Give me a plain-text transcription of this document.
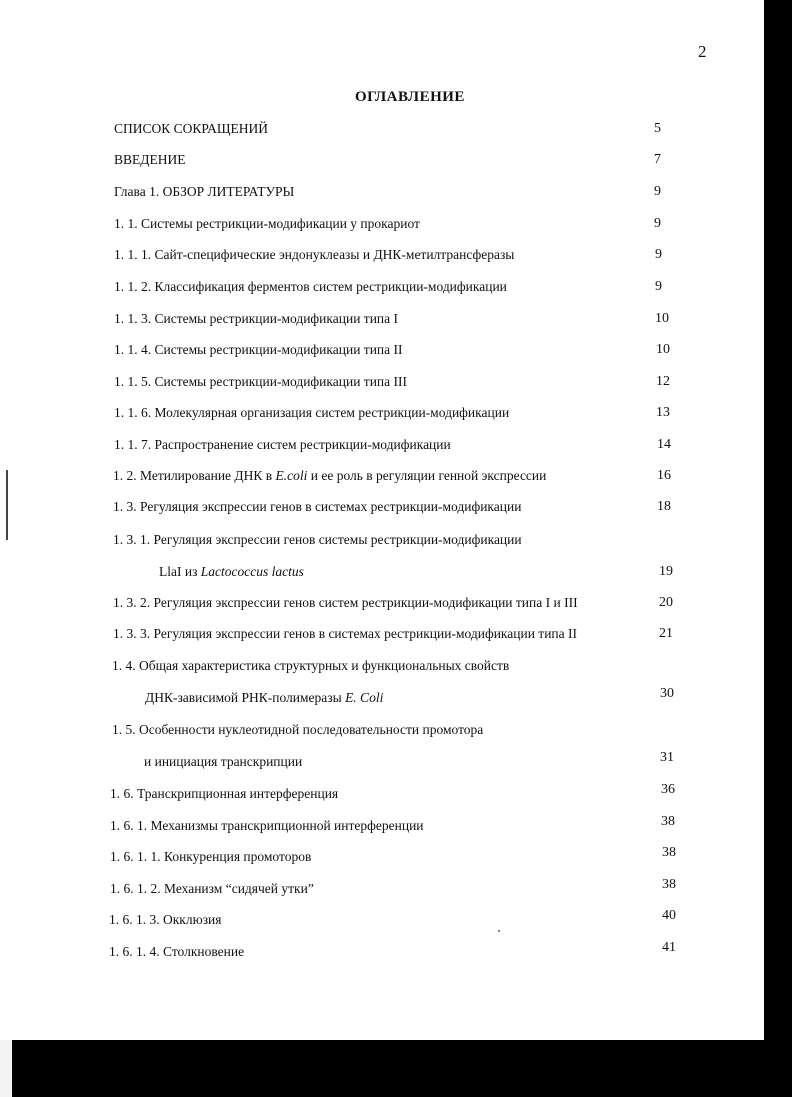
2
ОГЛАВЛЕНИЕ
СПИСОК СОКРАЩЕНИЙ	5
ВВЕДЕНИЕ	7
Глава 1. ОБЗОР ЛИТЕРАТУРЫ	9
1. 1. Системы рестрикции-модификации у прокариот	9
1. 1. 1. Сайт-специфические эндонуклеазы и ДНК-метилтрансферазы	9
1. 1. 2. Классификация ферментов систем рестрикции-модификации	9
1. 1. 3. Системы рестрикции-модификации типа I	10
1. 1. 4. Системы рестрикции-модификации типа II	10
1. 1. 5. Системы рестрикции-модификации типа III	12
1. 1. 6. Молекулярная организация систем рестрикции-модификации	13
1. 1. 7. Распространение систем рестрикции-модификации	14
1. 2. Метилирование ДНК в E.coli и ее роль в регуляции генной экспрессии	16
1. 3. Регуляция экспрессии генов в системах рестрикции-модификации	18
1. 3. 1. Регуляция экспрессии генов системы рестрикции-модификации
LlaI из Lactococcus lactus	19
1. 3. 2. Регуляция экспрессии генов систем рестрикции-модификации типа I и III	20
1. 3. 3. Регуляция экспрессии генов в системах рестрикции-модификации типа II	21
1. 4. Общая характеристика структурных и функциональных свойств
ДНК-зависимой РНК-полимеразы E. Coli	30
1. 5. Особенности нуклеотидной последовательности промотора
и инициация транскрипции	31
1. 6. Транскрипционная интерференция	36
1. 6. 1. Механизмы транскрипционной интерференции	38
1. 6. 1. 1. Конкуренция промоторов	38
1. 6. 1. 2. Механизм “сидячей утки”	38
1. 6. 1. 3. Окклюзия	40
1. 6. 1. 4. Столкновение	41
